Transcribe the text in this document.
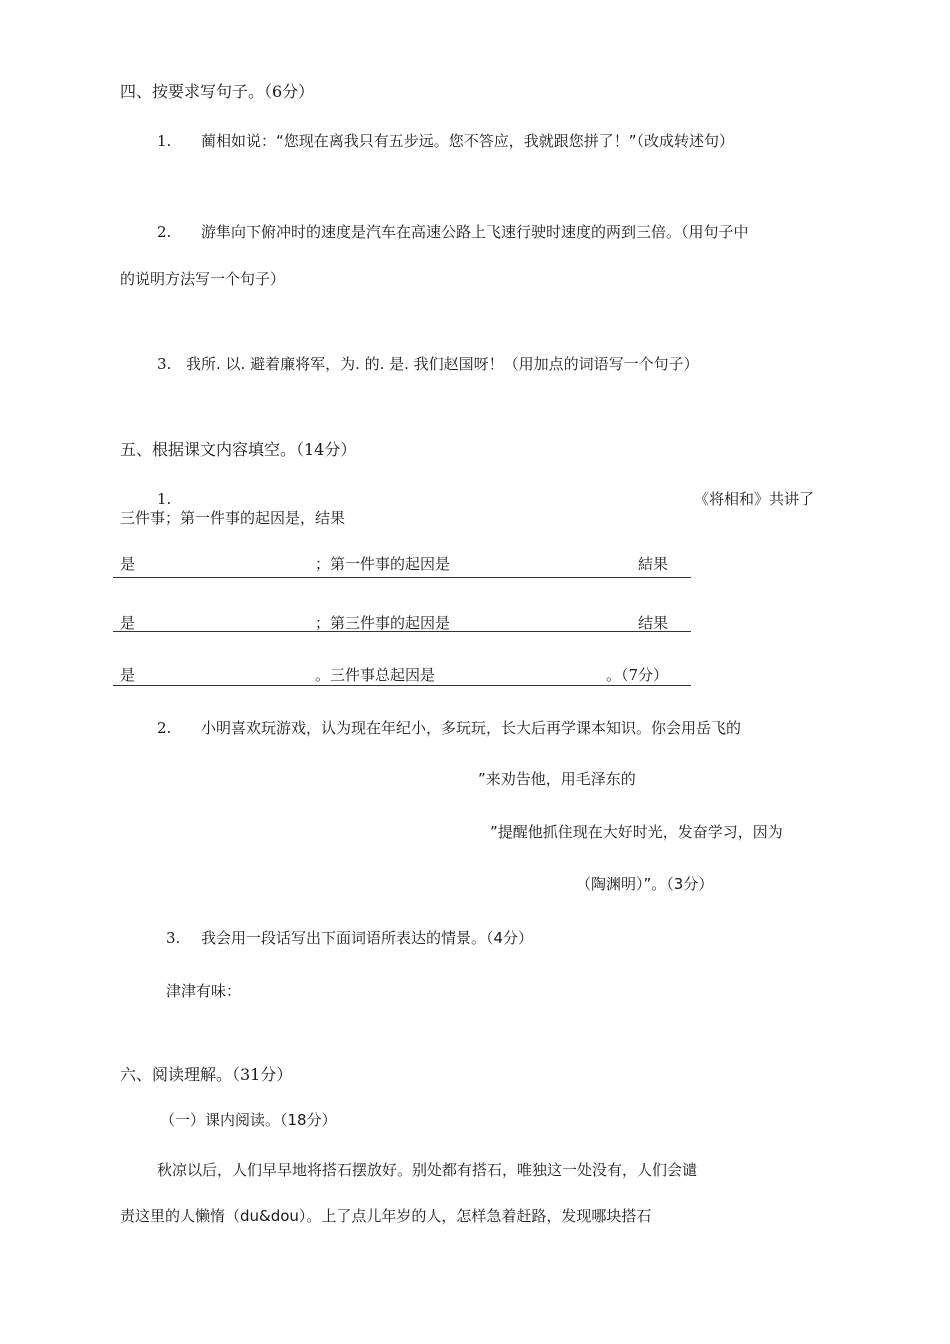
四、按要求写句子。（6分）
1. 蔺相如说：“您现在离我只有五步远。您不答应，我就跟您拼了！”（改成转述句）
2. 游隼向下俯冲时的速度是汽车在高速公路上飞速行驶时速度的两到三倍。（用句子中
的说明方法写一个句子）
3. 我所. 以. 避着廉将军，为. 的. 是. 我们赵国呀！（用加点的词语写一个句子）
五、根据课文内容填空。（14分）
1.	《将相和》共讲了
三件事；第一件事的起因是，结果
是	；第一件事的起因是	結果
是	；第三件事的起因是	结果
是	。三件事总起因是	。（7分）
2. 小明喜欢玩游戏，认为现在年纪小，多玩玩，长大后再学课本知识。你会用岳飞的
”来劝告他，用毛泽东的
”提醒他抓住现在大好时光，发奋学习，因为
（陶渊明）”。（3分）
3. 我会用一段话写出下面词语所表达的情景。（4分）
津津有味：
六、阅读理解。（31分）
（一）课内阅读。（18分）
秋凉以后，人们早早地将搭石摆放好。别处都有搭石，唯独这一处没有，人们会谴
责这里的人懒惰（du&dou）。上了点儿年岁的人，怎样急着赶路，发现哪块搭石
